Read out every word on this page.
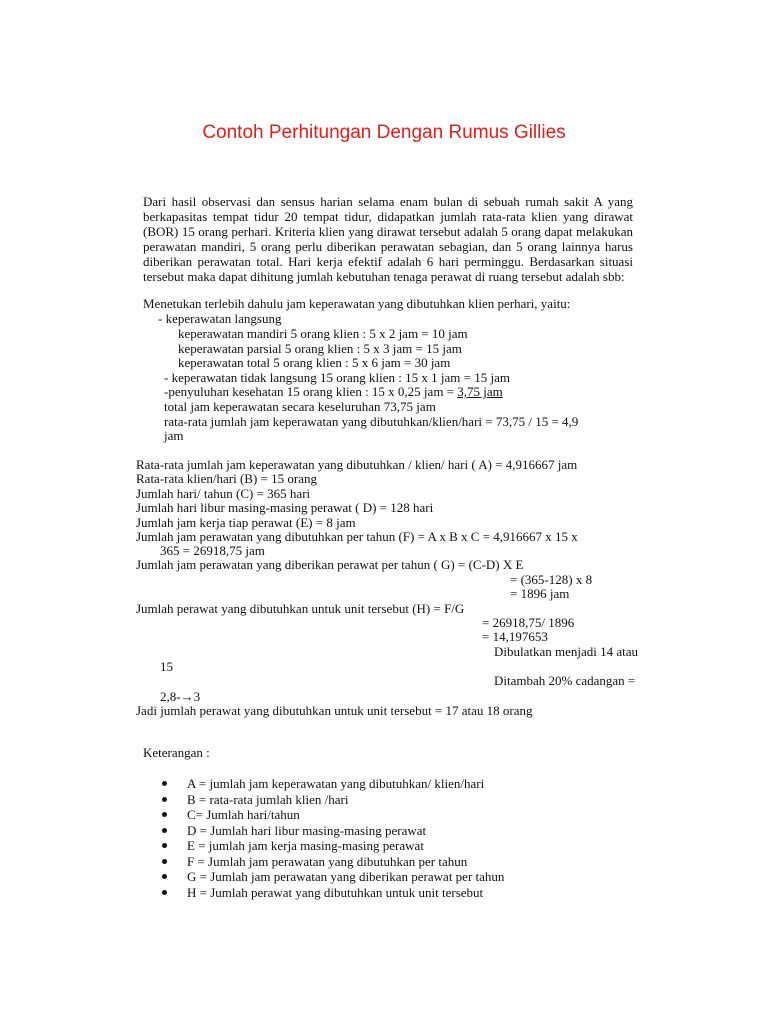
Contoh Perhitungan Dengan Rumus Gillies

Dari hasil observasi dan sensus harian selama enam bulan di sebuah rumah sakit A yang berkapasitas tempat tidur 20 tempat tidur, didapatkan jumlah rata-rata klien yang dirawat (BOR) 15 orang perhari. Kriteria klien yang dirawat tersebut adalah 5 orang dapat melakukan perawatan mandiri, 5 orang perlu diberikan perawatan sebagian, dan 5 orang lainnya harus diberikan perawatan total. Hari kerja efektif adalah 6 hari perminggu. Berdasarkan situasi tersebut maka dapat dihitung jumlah kebutuhan tenaga perawat di ruang tersebut adalah sbb:

Menetukan terlebih dahulu jam keperawatan yang dibutuhkan klien perhari, yaitu:
- keperawatan langsung
keperawatan mandiri 5 orang klien : 5 x 2 jam = 10 jam
keperawatan parsial 5 orang klien : 5 x 3 jam = 15 jam
keperawatan total 5 orang klien : 5 x 6 jam = 30 jam
- keperawatan tidak langsung 15 orang klien : 15 x 1 jam = 15 jam
-penyuluhan kesehatan 15 orang klien : 15 x 0,25 jam = 3,75 jam
total jam keperawatan secara keseluruhan 73,75 jam
rata-rata jumlah jam keperawatan yang dibutuhkan/klien/hari = 73,75 / 15 = 4,9
jam
Rata-rata jumlah jam keperawatan yang dibutuhkan / klien/ hari ( A) = 4,916667 jam
Rata-rata klien/hari (B) = 15 orang
Jumlah hari/ tahun (C) = 365 hari
Jumlah hari libur masing-masing perawat ( D) = 128 hari
Jumlah jam kerja tiap perawat (E) = 8 jam
Jumlah jam perawatan yang dibutuhkan per tahun (F) = A x B x C = 4,916667 x 15 x
365 = 26918,75 jam
Jumlah jam perawatan yang diberikan perawat per tahun ( G) = (C-D) X E
= (365-128) x 8
= 1896 jam
Jumlah perawat yang dibutuhkan untuk unit tersebut (H) = F/G
= 26918,75/ 1896
= 14,197653
Dibulatkan menjadi 14 atau
15
Ditambah 20% cadangan =
2,8-→3
Jadi jumlah perawat yang dibutuhkan untuk unit tersebut = 17 atau 18 orang
Keterangan :
A = jumlah jam keperawatan yang dibutuhkan/ klien/hari
B = rata-rata jumlah klien /hari
C= Jumlah hari/tahun
D = Jumlah hari libur masing-masing perawat
E = jumlah jam kerja masing-masing perawat
F = Jumlah jam perawatan yang dibutuhkan per tahun
G = Jumlah jam perawatan yang diberikan perawat per tahun
H = Jumlah perawat yang dibutuhkan untuk unit tersebut
